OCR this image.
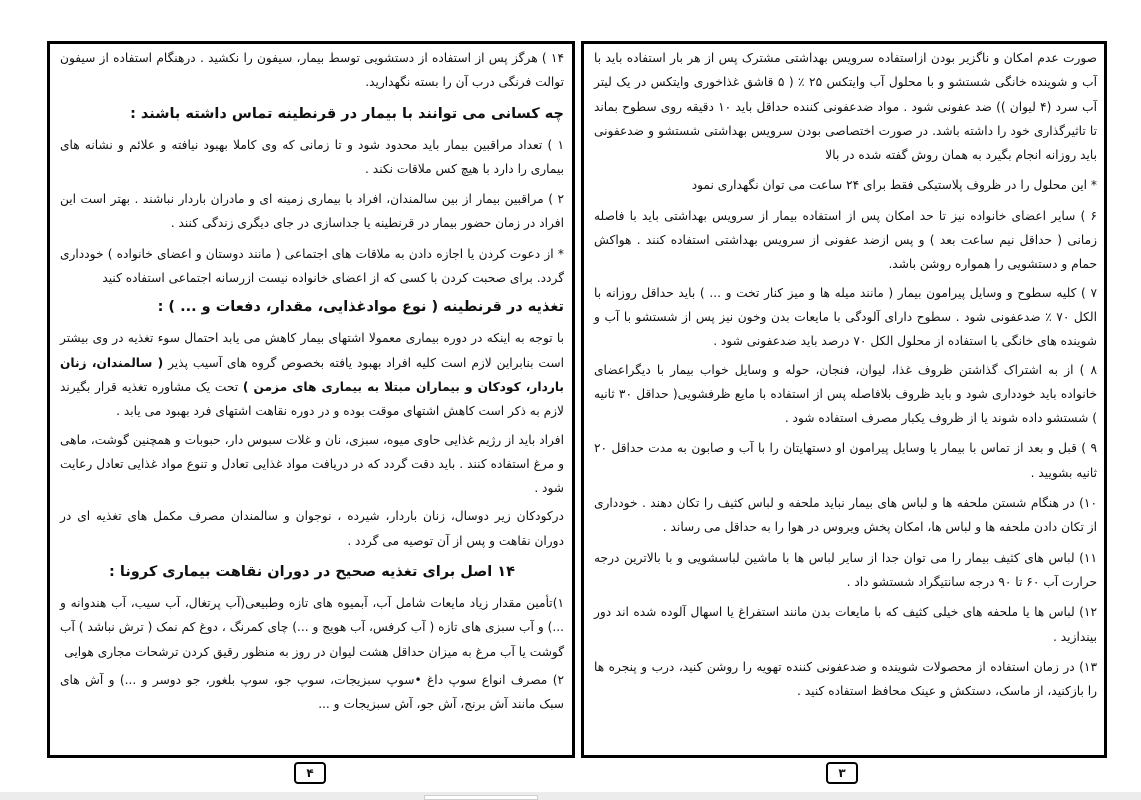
۱۴ ) هرگز پس از استفاده از دستشویی توسط بیمار، سیفون را نکشید . درهنگام استفاده از سیفون توالت فرنگی درب آن را بسته نگهدارید.

چه کسانی می توانند با بیمار در قرنطینه تماس داشته باشند :

۱ ) تعداد مراقبین بیمار باید محدود شود و تا زمانی که وی کاملا بهبود نیافته و علائم و نشانه های بیماری را دارد با هیچ کس ملاقات نکند .

۲ ) مراقبین بیمار از بین سالمندان، افراد با بیماری زمینه ای و مادران باردار نباشند . بهتر است این افراد در زمان حضور بیمار در قرنطینه یا جداسازی در جای دیگری زندگی کنند .

* از دعوت کردن یا اجازه دادن به ملاقات های اجتماعی ( مانند دوستان و اعضای خانواده ) خودداری گردد. برای صحبت کردن با کسی که از اعضای خانواده نیست ازرسانه اجتماعی استفاده کنید

تغذیه در قرنطینه ( نوع موادغذایی، مقدار، دفعات و ... ) :

با توجه به اینکه در دوره بیماری معمولا اشتهای بیمار کاهش می یابد احتمال سوء تغذیه در وی بیشتر است بنابراین لازم است کلیه افراد بهبود یافته بخصوص گروه های آسیب پذیر ( سالمندان، زنان باردار، کودکان و بیماران مبتلا به بیماری های مزمن ) تحت یک مشاوره تغذیه قرار بگیرند لازم به ذکر است کاهش اشتهای موقت بوده و در دوره نقاهت اشتهای فرد بهبود می یابد .

افراد باید از رژیم غذایی حاوی میوه، سبزی، نان و غلات سبوس دار، حبوبات و همچنین گوشت، ماهی و مرغ استفاده کنند . باید دقت گردد که در دریافت مواد غذایی تعادل و تنوع مواد غذایی تعادل رعایت شود .

درکودکان زیر دوسال، زنان باردار، شیرده ، نوجوان و سالمندان مصرف مکمل های تغذیه ای در دوران نقاهت و پس از آن توصیه می گردد .

۱۴ اصل برای تغذیه صحیح در دوران نقاهت بیماری کرونا :

۱)تأمین مقدار زیاد مایعات شامل آب، آبمیوه های تازه وطبیعی(آب پرتغال، آب سیب، آب هندوانه و ...) و آب سبزی های تازه ( آب کرفس، آب هویج و ...) چای کمرنگ ، دوغ کم نمک ( ترش نباشد ) آب گوشت یا آب مرغ به میزان حداقل هشت لیوان در روز به منظور رقیق کردن ترشحات مجاری هوایی

۲) مصرف انواع سوپ داغ •سوپ سبزیجات، سوپ جو، سوپ بلغور، جو دوسر و ...) و آش های سبک مانند آش برنج، آش جو، آش سبزیجات و ...

صورت عدم امکان و ناگزیر بودن ازاستفاده سرویس بهداشتی مشترک پس از هر بار استفاده باید با آب و شوینده خانگی شستشو و با محلول آب وایتکس ۲۵ ٪ ( ۵ قاشق غذاخوری وایتکس در یک لیتر آب سرد (۴ لیوان )) ضد عفونی شود . مواد ضدعفونی کننده حداقل باید ۱۰ دقیقه روی سطوح بماند تا تاثیرگذاری خود را داشته باشد. در صورت اختصاصی بودن سرویس بهداشتی شستشو و ضدعفونی باید روزانه انجام بگیرد به همان روش گفته شده در بالا

* این محلول را در ظروف پلاستیکی فقط برای ۲۴ ساعت می توان نگهداری نمود

۶ ) سایر اعضای خانواده نیز تا حد امکان پس از استفاده بیمار از سرویس بهداشتی باید با فاصله زمانی ( حداقل نیم ساعت بعد ) و پس ازضد عفونی از سرویس بهداشتی استفاده کنند . هواکش حمام و دستشویی را همواره روشن باشد.

۷ ) کلیه سطوح و وسایل پیرامون بیمار ( مانند میله ها و میز کنار تخت و ... ) باید حداقل روزانه با الکل ۷۰ ٪ ضدعفونی شود . سطوح دارای آلودگی با مایعات بدن وخون نیز پس از شستشو با آب و شوینده های خانگی با استفاده از محلول الکل ۷۰ درصد باید ضدعفونی شود .

۸ ) از به اشتراک گذاشتن ظروف غذا، لیوان، فنجان، حوله و وسایل خواب بیمار با دیگراعضای خانواده باید خودداری شود و باید ظروف بلافاصله پس از استفاده با مایع ظرفشویی( حداقل ۳۰ ثانیه ) شستشو داده شوند یا از ظروف یکبار مصرف استفاده شود .

۹ ) قبل و بعد از تماس با بیمار یا وسایل پیرامون او دستهایتان را با آب و صابون به مدت حداقل ۲۰ ثانیه بشویید .

۱۰) در هنگام شستن ملحفه ها و لباس های بیمار نباید ملحفه و لباس کثیف را تکان دهند . خودداری از تکان دادن ملحفه ها و لباس ها، امکان پخش ویروس در هوا را به حداقل می رساند .

۱۱) لباس های کثیف بیمار را می توان جدا از سایر لباس ها با ماشین لباسشویی و با بالاترین درجه حرارت آب ۶۰ تا ۹۰ درجه سانتیگراد شستشو داد .

۱۲) لباس ها یا ملحفه های خیلی کثیف که با مایعات بدن مانند استفراغ یا اسهال آلوده شده اند دور بیندازید .

۱۳) در زمان استفاده از محصولات شوینده و ضدعفونی کننده تهویه را روشن کنید، درب و پنجره ها را بازکنید، از ماسک، دستکش و عینک محافظ استفاده کنید .

۴	۳
